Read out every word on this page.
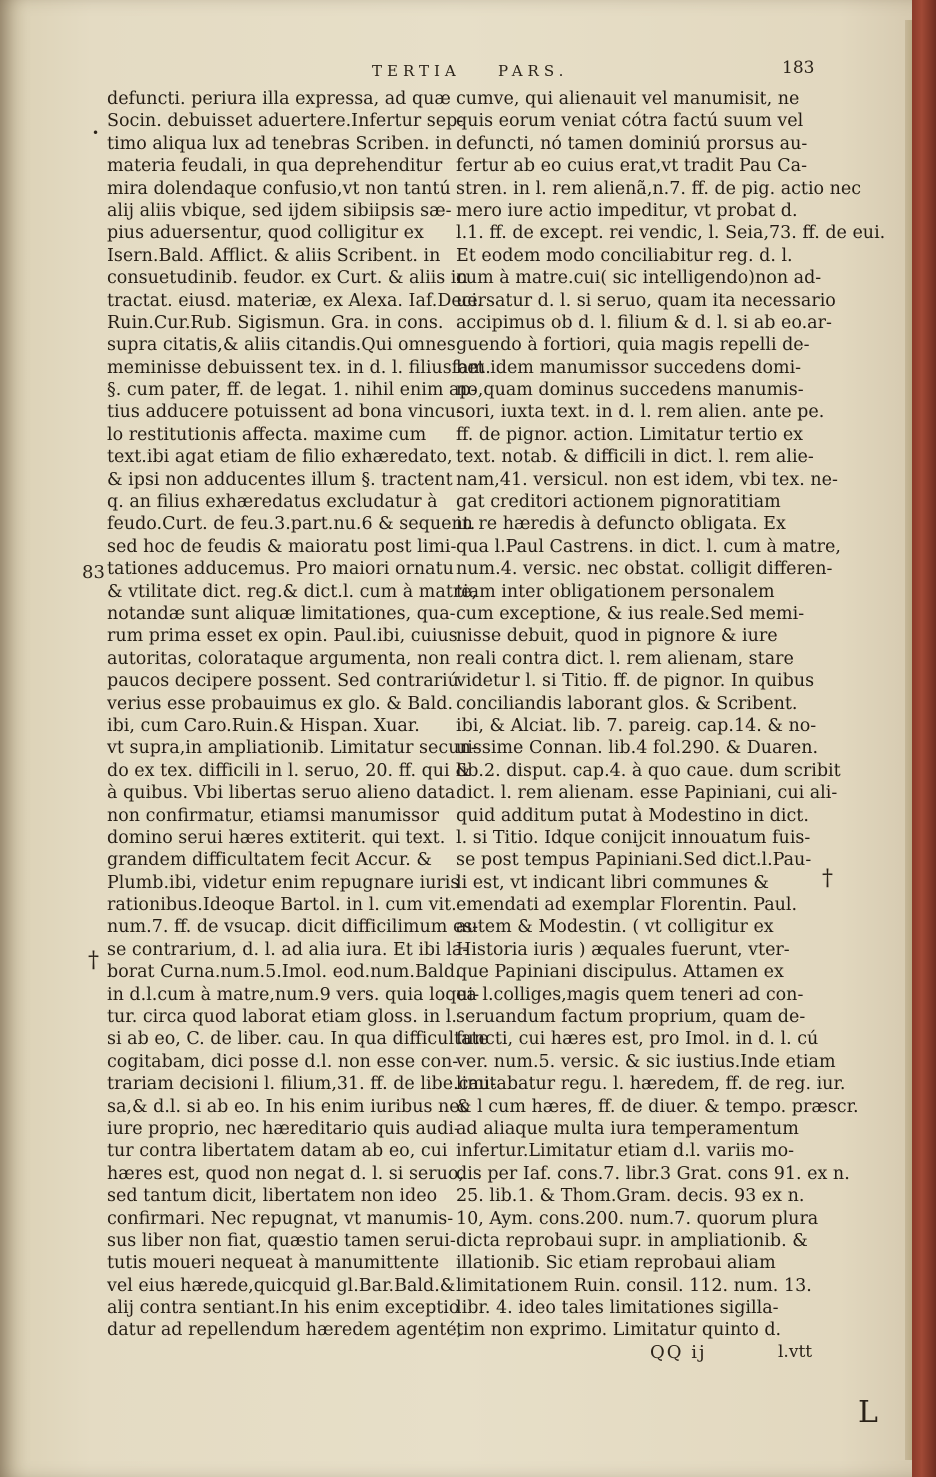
TERTIA PARS.	183
defuncti. periura illa expressa, ad quæ
Socin. debuisset aduertere.Infertur sep-
timo aliqua lux ad tenebras Scriben. in
materia feudali, in qua deprehenditur
mira dolendaque confusio,vt non tantú
alij aliis vbique, sed ijdem sibiipsis sæ-
pius aduersentur, quod colligitur ex
Isern.Bald. Afflict. & aliis Scribent. in
consuetudinib. feudor. ex Curt. & aliis in
tractat. eiusd. materiæ, ex Alexa. Iaf.Deci.
Ruin.Cur.Rub. Sigismun. Gra. in cons.
supra citatis,& aliis citandis.Qui omnes
meminisse debuissent tex. in d. l. filiusfam.
§. cum pater, ff. de legat. 1. nihil enim ap-
tius adducere potuissent ad bona vincu-
lo restitutionis affecta. maxime cum
text.ibi agat etiam de filio exhæredato,
& ipsi non adducentes illum §. tractent
q. an filius exhæredatus excludatur à
feudo.Curt. de feu.3.part.nu.6 & sequent.
sed hoc de feudis & maioratu post limi-
tationes adducemus. Pro maiori ornatu
& vtilitate dict. reg.& dict.l. cum à matre,
notandæ sunt aliquæ limitationes, qua-
rum prima esset ex opin. Paul.ibi, cuius
autoritas, colorataque argumenta, non
paucos decipere possent. Sed contrariú
verius esse probauimus ex glo. & Bald.
ibi, cum Caro.Ruin.& Hispan. Xuar.
vt supra,in ampliationib. Limitatur secun-
do ex tex. difficili in l. seruo, 20. ff. qui &
à quibus. Vbi libertas seruo alieno data
non confirmatur, etiamsi manumissor
domino serui hæres extiterit. qui text.
grandem difficultatem fecit Accur. &
Plumb.ibi, videtur enim repugnare iuris
rationibus.Ideoque Bartol. in l. cum vit.
num.7. ff. de vsucap. dicit difficilimum es-
se contrarium, d. l. ad alia iura. Et ibi la-
borat Curna.num.5.Imol. eod.num.Bald.
in d.l.cum à matre,num.9 vers. quia loqui-
tur. circa quod laborat etiam gloss. in l.
si ab eo, C. de liber. cau. In qua difficultate
cogitabam, dici posse d.l. non esse con-
trariam decisioni l. filium,31. ff. de libe.cau-
sa,& d.l. si ab eo. In his enim iuribus nec
iure proprio, nec hæreditario quis audi-
tur contra libertatem datam ab eo, cui
hæres est, quod non negat d. l. si seruo,
sed tantum dicit, libertatem non ideo
confirmari. Nec repugnat, vt manumis-
sus liber non fiat, quæstio tamen serui-
tutis moueri nequeat à manumittente
vel eius hærede,quicquid gl.Bar.Bald.&
alij contra sentiant.In his enim exceptio
datur ad repellendum hæredem agenté,
cumve, qui alienauit vel manumisit, ne
quis eorum veniat cótra factú suum vel
defuncti, nó tamen dominiú prorsus au-
fertur ab eo cuius erat,vt tradit Pau Ca-
stren. in l. rem alienã,n.7. ff. de pig. actio nec
mero iure actio impeditur, vt probat d.
l.1. ff. de except. rei vendic, l. Seia,73. ff. de eui.
Et eodem modo conciliabitur reg. d. l.
cum à matre.cui( sic intelligendo)non ad-
uersatur d. l. si seruo, quam ita necessario
accipimus ob d. l. filium & d. l. si ab eo.ar-
guendo à fortiori, quia magis repelli de-
bet idem manumissor succedens domi-
no,quam dominus succedens manumis-
sori, iuxta text. in d. l. rem alien. ante pe.
ff. de pignor. action. Limitatur tertio ex
text. notab. & difficili in dict. l. rem alie-
nam,41. versicul. non est idem, vbi tex. ne-
gat creditori actionem pignoratitiam
in re hæredis à defuncto obligata. Ex
qua l.Paul Castrens. in dict. l. cum à matre,
num.4. versic. nec obstat. colligit differen-
tiam inter obligationem personalem
cum exceptione, & ius reale.Sed memi-
nisse debuit, quod in pignore & iure
reali contra dict. l. rem alienam, stare
videtur l. si Titio. ff. de pignor. In quibus
conciliandis laborant glos. & Scribent.
ibi, & Alciat. lib. 7. pareig. cap.14. & no-
uissime Connan. lib.4 fol.290. & Duaren.
lib.2. disput. cap.4. à quo caue. dum scribit
dict. l. rem alienam. esse Papiniani, cui ali-
quid additum putat à Modestino in dict.
l. si Titio. Idque conijcit innouatum fuis-
se post tempus Papiniani.Sed dict.l.Pau-
li est, vt indicant libri communes &
emendati ad exemplar Florentin. Paul.
autem & Modestin. ( vt colligitur ex
Historia iuris ) æquales fuerunt, vter-
que Papiniani discipulus. Attamen ex
ea l.colliges,magis quem teneri ad con-
seruandum factum proprium, quam de-
functi, cui hæres est, pro Imol. in d. l. cú
ver. num.5. versic. & sic iustius.Inde etiam
limitabatur regu. l. hæredem, ff. de reg. iur.
& l cum hæres, ff. de diuer. & tempo. præscr.
ad aliaque multa iura temperamentum
infertur.Limitatur etiam d.l. variis mo-
dis per Iaf. cons.7. libr.3 Grat. cons 91. ex n.
25. lib.1. & Thom.Gram. decis. 93 ex n.
10, Aym. cons.200. num.7. quorum plura
dicta reprobaui supr. in ampliationib. &
illationib. Sic etiam reprobaui aliam
limitationem Ruin. consil. 112. num. 13.
libr. 4. ideo tales limitationes sigilla-
tim non exprimo. Limitatur quinto d.
•
83
†
†
QQ ij	l.vtt
L
